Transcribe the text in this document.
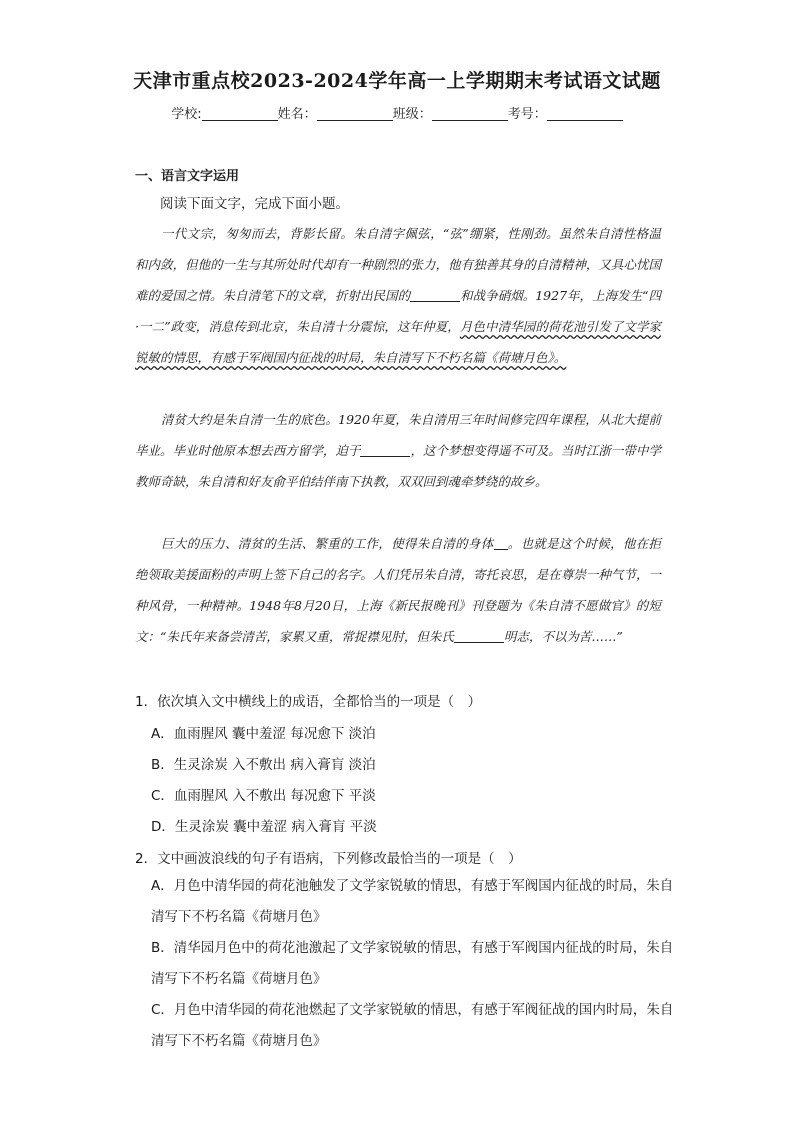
天津市重点校2023-2024学年高一上学期期末考试语文试题
学校:	姓名：	班级：	考号：
一、语言文字运用
阅读下面文字，完成下面小题。

一代文宗，匆匆而去，背影长留。朱自清字佩弦，“弦”绷紧，性刚劲。虽然朱自清性格温和内敛，但他的一生与其所处时代却有一种剧烈的张力，他有独善其身的自清精神，又具心忧国难的爱国之情。朱自清笔下的文章，折射出民国的	和战争硝烟。1927年，上海发生“四·一二”政变，消息传到北京，朱自清十分震惊，这年仲夏，月色中清华园的荷花池引发了文学家锐敏的情思，有感于军阀国内征战的时局，朱自清写下不朽名篇《荷塘月色》。

清贫大约是朱自清一生的底色。1920年夏，朱自清用三年时间修完四年课程，从北大提前毕业。毕业时他原本想去西方留学，迫于	，这个梦想变得遥不可及。当时江浙一带中学教师奇缺，朱自清和好友俞平伯结伴南下执教，双双回到魂牵梦绕的故乡。

巨大的压力、清贫的生活、繁重的工作，使得朱自清的身体 。也就是这个时候，他在拒绝领取美援面粉的声明上签下自己的名字。人们凭吊朱自清，寄托哀思，是在尊崇一种气节，一种风骨，一种精神。1948年8月20日，上海《新民报晚刊》刊登题为《朱自清不愿做官》的短文：“朱氏年来备尝清苦，家累又重，常捉襟见肘，但朱氏	明志，不以为苦……”

1．依次填入文中横线上的成语，全都恰当的一项是（　）
A．血雨腥风 囊中羞涩 每况愈下 淡泊
B．生灵涂炭 入不敷出 病入膏肓 淡泊
C．血雨腥风 入不敷出 每况愈下 平淡
D．生灵涂炭 囊中羞涩 病入膏肓 平淡
2．文中画波浪线的句子有语病，下列修改最恰当的一项是（　）
A．月色中清华园的荷花池触发了文学家锐敏的情思，有感于军阀国内征战的时局，朱自清写下不朽名篇《荷塘月色》
B．清华园月色中的荷花池激起了文学家锐敏的情思，有感于军阀国内征战的时局，朱自清写下不朽名篇《荷塘月色》
C．月色中清华园的荷花池燃起了文学家锐敏的情思，有感于军阀征战的国内时局，朱自清写下不朽名篇《荷塘月色》
